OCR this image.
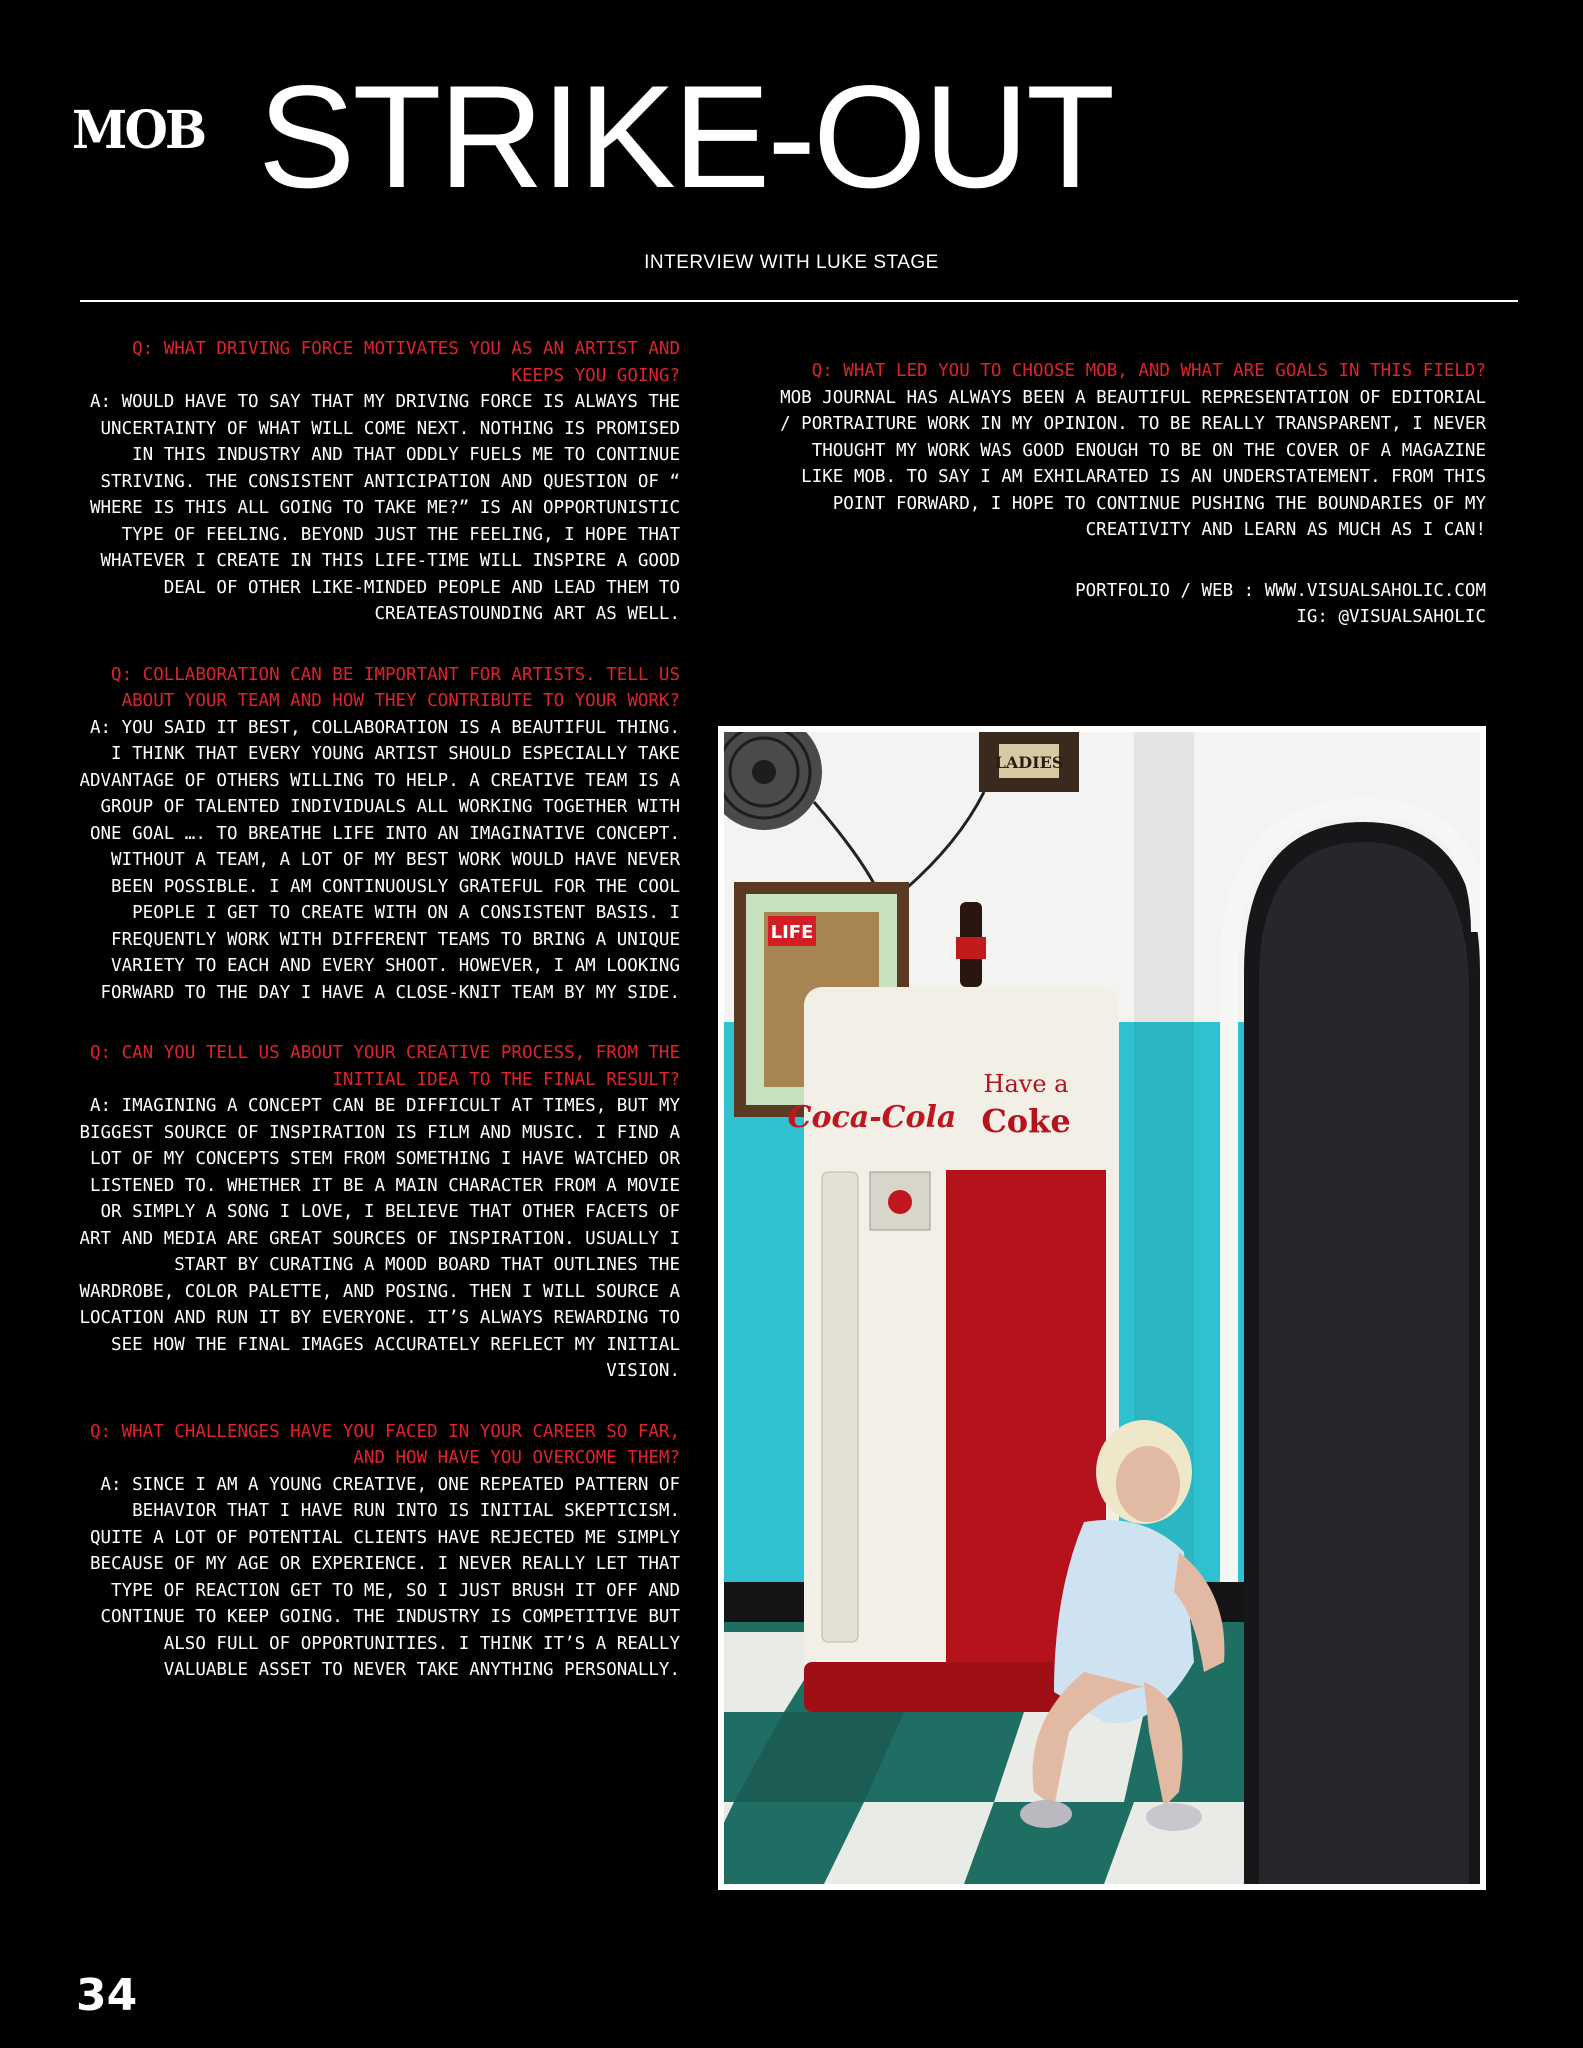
MOB STRIKE-OUT
INTERVIEW WITH LUKE STAGE
Q: WHAT DRIVING FORCE MOTIVATES YOU AS AN ARTIST AND KEEPS YOU GOING?
A: WOULD HAVE TO SAY THAT MY DRIVING FORCE IS ALWAYS THE UNCERTAINTY OF WHAT WILL COME NEXT. NOTHING IS PROMISED IN THIS INDUSTRY AND THAT ODDLY FUELS ME TO CONTINUE STRIVING. THE CONSISTENT ANTICIPATION AND QUESTION OF “ WHERE IS THIS ALL GOING TO TAKE ME?” IS AN OPPORTUNISTIC TYPE OF FEELING. BEYOND JUST THE FEELING, I HOPE THAT WHATEVER I CREATE IN THIS LIFE-TIME WILL INSPIRE A GOOD DEAL OF OTHER LIKE-MINDED PEOPLE AND LEAD THEM TO CREATEASTOUNDING ART AS WELL.
Q: COLLABORATION CAN BE IMPORTANT FOR ARTISTS. TELL US ABOUT YOUR TEAM AND HOW THEY CONTRIBUTE TO YOUR WORK?
A: YOU SAID IT BEST, COLLABORATION IS A BEAUTIFUL THING. I THINK THAT EVERY YOUNG ARTIST SHOULD ESPECIALLY TAKE ADVANTAGE OF OTHERS WILLING TO HELP. A CREATIVE TEAM IS A GROUP OF TALENTED INDIVIDUALS ALL WORKING TOGETHER WITH ONE GOAL …. TO BREATHE LIFE INTO AN IMAGINATIVE CONCEPT. WITHOUT A TEAM, A LOT OF MY BEST WORK WOULD HAVE NEVER BEEN POSSIBLE. I AM CONTINUOUSLY GRATEFUL FOR THE COOL PEOPLE I GET TO CREATE WITH ON A CONSISTENT BASIS. I FREQUENTLY WORK WITH DIFFERENT TEAMS TO BRING A UNIQUE VARIETY TO EACH AND EVERY SHOOT. HOWEVER, I AM LOOKING FORWARD TO THE DAY I HAVE A CLOSE-KNIT TEAM BY MY SIDE.
Q: CAN YOU TELL US ABOUT YOUR CREATIVE PROCESS, FROM THE INITIAL IDEA TO THE FINAL RESULT?
A: IMAGINING A CONCEPT CAN BE DIFFICULT AT TIMES, BUT MY BIGGEST SOURCE OF INSPIRATION IS FILM AND MUSIC. I FIND A LOT OF MY CONCEPTS STEM FROM SOMETHING I HAVE WATCHED OR LISTENED TO. WHETHER IT BE A MAIN CHARACTER FROM A MOVIE OR SIMPLY A SONG I LOVE, I BELIEVE THAT OTHER FACETS OF ART AND MEDIA ARE GREAT SOURCES OF INSPIRATION. USUALLY I START BY CURATING A MOOD BOARD THAT OUTLINES THE WARDROBE, COLOR PALETTE, AND POSING. THEN I WILL SOURCE A LOCATION AND RUN IT BY EVERYONE. IT’S ALWAYS REWARDING TO SEE HOW THE FINAL IMAGES ACCURATELY REFLECT MY INITIAL VISION.
Q: WHAT CHALLENGES HAVE YOU FACED IN YOUR CAREER SO FAR, AND HOW HAVE YOU OVERCOME THEM?
A: SINCE I AM A YOUNG CREATIVE, ONE REPEATED PATTERN OF BEHAVIOR THAT I HAVE RUN INTO IS INITIAL SKEPTICISM. QUITE A LOT OF POTENTIAL CLIENTS HAVE REJECTED ME SIMPLY BECAUSE OF MY AGE OR EXPERIENCE. I NEVER REALLY LET THAT TYPE OF REACTION GET TO ME, SO I JUST BRUSH IT OFF AND CONTINUE TO KEEP GOING. THE INDUSTRY IS COMPETITIVE BUT ALSO FULL OF OPPORTUNITIES. I THINK IT’S A REALLY VALUABLE ASSET TO NEVER TAKE ANYTHING PERSONALLY.
Q: WHAT LED YOU TO CHOOSE MOB, AND WHAT ARE GOALS IN THIS FIELD?
MOB JOURNAL HAS ALWAYS BEEN A BEAUTIFUL REPRESENTATION OF EDITORIAL / PORTRAITURE WORK IN MY OPINION. TO BE REALLY TRANSPARENT, I NEVER THOUGHT MY WORK WAS GOOD ENOUGH TO BE ON THE COVER OF A MAGAZINE LIKE MOB. TO SAY I AM EXHILARATED IS AN UNDERSTATEMENT. FROM THIS POINT FORWARD, I HOPE TO CONTINUE PUSHING THE BOUNDARIES OF MY CREATIVITY AND LEARN AS MUCH AS I CAN!
PORTFOLIO / WEB : WWW.VISUALSAHOLIC.COM
IG: @VISUALSAHOLIC
LADIES
LIFE
Coca-Cola
Have a
Coke
34
